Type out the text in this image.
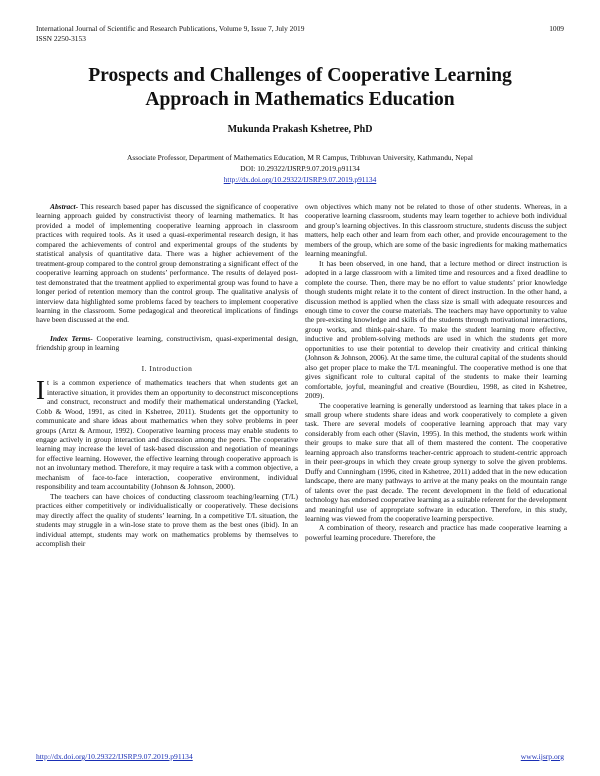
International Journal of Scientific and Research Publications, Volume 9, Issue 7, July 2019
ISSN 2250-3153
1009
Prospects and Challenges of Cooperative Learning
Approach in Mathematics Education
Mukunda Prakash Kshetree, PhD
Associate Professor, Department of Mathematics Education, M R Campus, Tribhuvan University, Kathmandu, Nepal
DOI: 10.29322/IJSRP.9.07.2019.p91134
http://dx.doi.org/10.29322/IJSRP.9.07.2019.p91134

Abstract- This research based paper has discussed the significance of cooperative learning approach guided by constructivist theory of learning mathematics. It has provided a model of implementing cooperative learning approach in classroom practices with required tools. As it used a quasi-experimental research design, it has compared the achievements of control and experimental groups of the students by statistical analysis of quantitative data. There was a higher achievement of the treatment-group compared to the control group demonstrating a significant effect of the cooperative learning approach on students’ performance. The results of delayed post-test demonstrated that the treatment applied to experimental group was found to have a longer period of retention memory than the control group. The qualitative analysis of interview data highlighted some problems faced by teachers to implement cooperative learning in the classroom. Some pedagogical and theoretical implications of findings have been discussed at the end.

Index Terms- Cooperative learning, constructivism, quasi-experimental design, friendship group in learning

I. Introduction

It is a common experience of mathematics teachers that when students get an interactive situation, it provides them an opportunity to deconstruct misconceptions and construct, reconstruct and modify their mathematical understanding (Yackel, Cobb & Wood, 1991, as cited in Kshetree, 2011). Students get the opportunity to communicate and share ideas about mathematics when they solve problems in peer groups (Artzt & Armour, 1992). Cooperative learning process may enable students to engage actively in group interaction and discussion among the peers. The cooperative learning may increase the level of task-based discussion and negotiation of meanings for effective learning. However, the effective learning through cooperative approach is not an involuntary method. Therefore, it may require a task with a common objective, a mechanism of face-to-face interaction, cooperative environment, individual responsibility and team accountability (Johnson & Johnson, 2000).

The teachers can have choices of conducting classroom teaching/learning (T/L) practices either competitively or individualistically or cooperatively. These decisions may directly affect the quality of students’ learning. In a competitive T/L situation, the students may struggle in a win-lose state to prove them as the best ones (ibid). In an individual attempt, students may work on mathematics problems by themselves to accomplish their

own objectives which many not be related to those of other students. Whereas, in a cooperative learning classroom, students may learn together to achieve both individual and group’s learning objectives. In this classroom structure, students discuss the subject matters, help each other and learn from each other, and provide encouragement to the members of the group, which are some of the basic ingredients for making mathematics learning meaningful.

It has been observed, in one hand, that a lecture method or direct instruction is adopted in a large classroom with a limited time and resources and a fixed deadline to complete the course. Then, there may be no effort to value students’ prior knowledge though students might relate it to the content of direct instruction. In the other hand, a discussion method is applied when the class size is small with adequate resources and enough time to cover the course materials. The teachers may have opportunity to value the pre-existing knowledge and skills of the students through motivational interactions, group works, and think-pair-share. To make the student learning more effective, inductive and problem-solving methods are used in which the students get more opportunities to use their potential to develop their creativity and critical thinking (Johnson & Johnson, 2006). At the same time, the cultural capital of the students should also get proper place to make the T/L meaningful. The cooperative method is one that gives significant role to cultural capital of the students to make their learning comfortable, joyful, meaningful and creative (Bourdieu, 1998, as cited in Kshetree, 2009).

The cooperative learning is generally understood as learning that takes place in a small group where students share ideas and work cooperatively to complete a given task. There are several models of cooperative learning approach that may vary considerably from each other (Slavin, 1995). In this method, the students work within their groups to make sure that all of them mastered the content. The cooperative learning approach also transforms teacher-centric approach to student-centric approach in their peer-groups in which they create group synergy to solve the given problems. Duffy and Cunningham (1996, cited in Kshetree, 2011) added that in the new education landscape, there are many pathways to arrive at the many peaks on the mountain range of talents over the past decade. The recent development in the field of educational technology has endorsed cooperative learning as a suitable referent for the development and meaningful use of appropriate software in education. Therefore, in this study, learning was viewed from the cooperative learning perspective.

A combination of theory, research and practice has made cooperative learning a powerful learning procedure. Therefore, the

http://dx.doi.org/10.29322/IJSRP.9.07.2019.p91134	www.ijsrp.org
